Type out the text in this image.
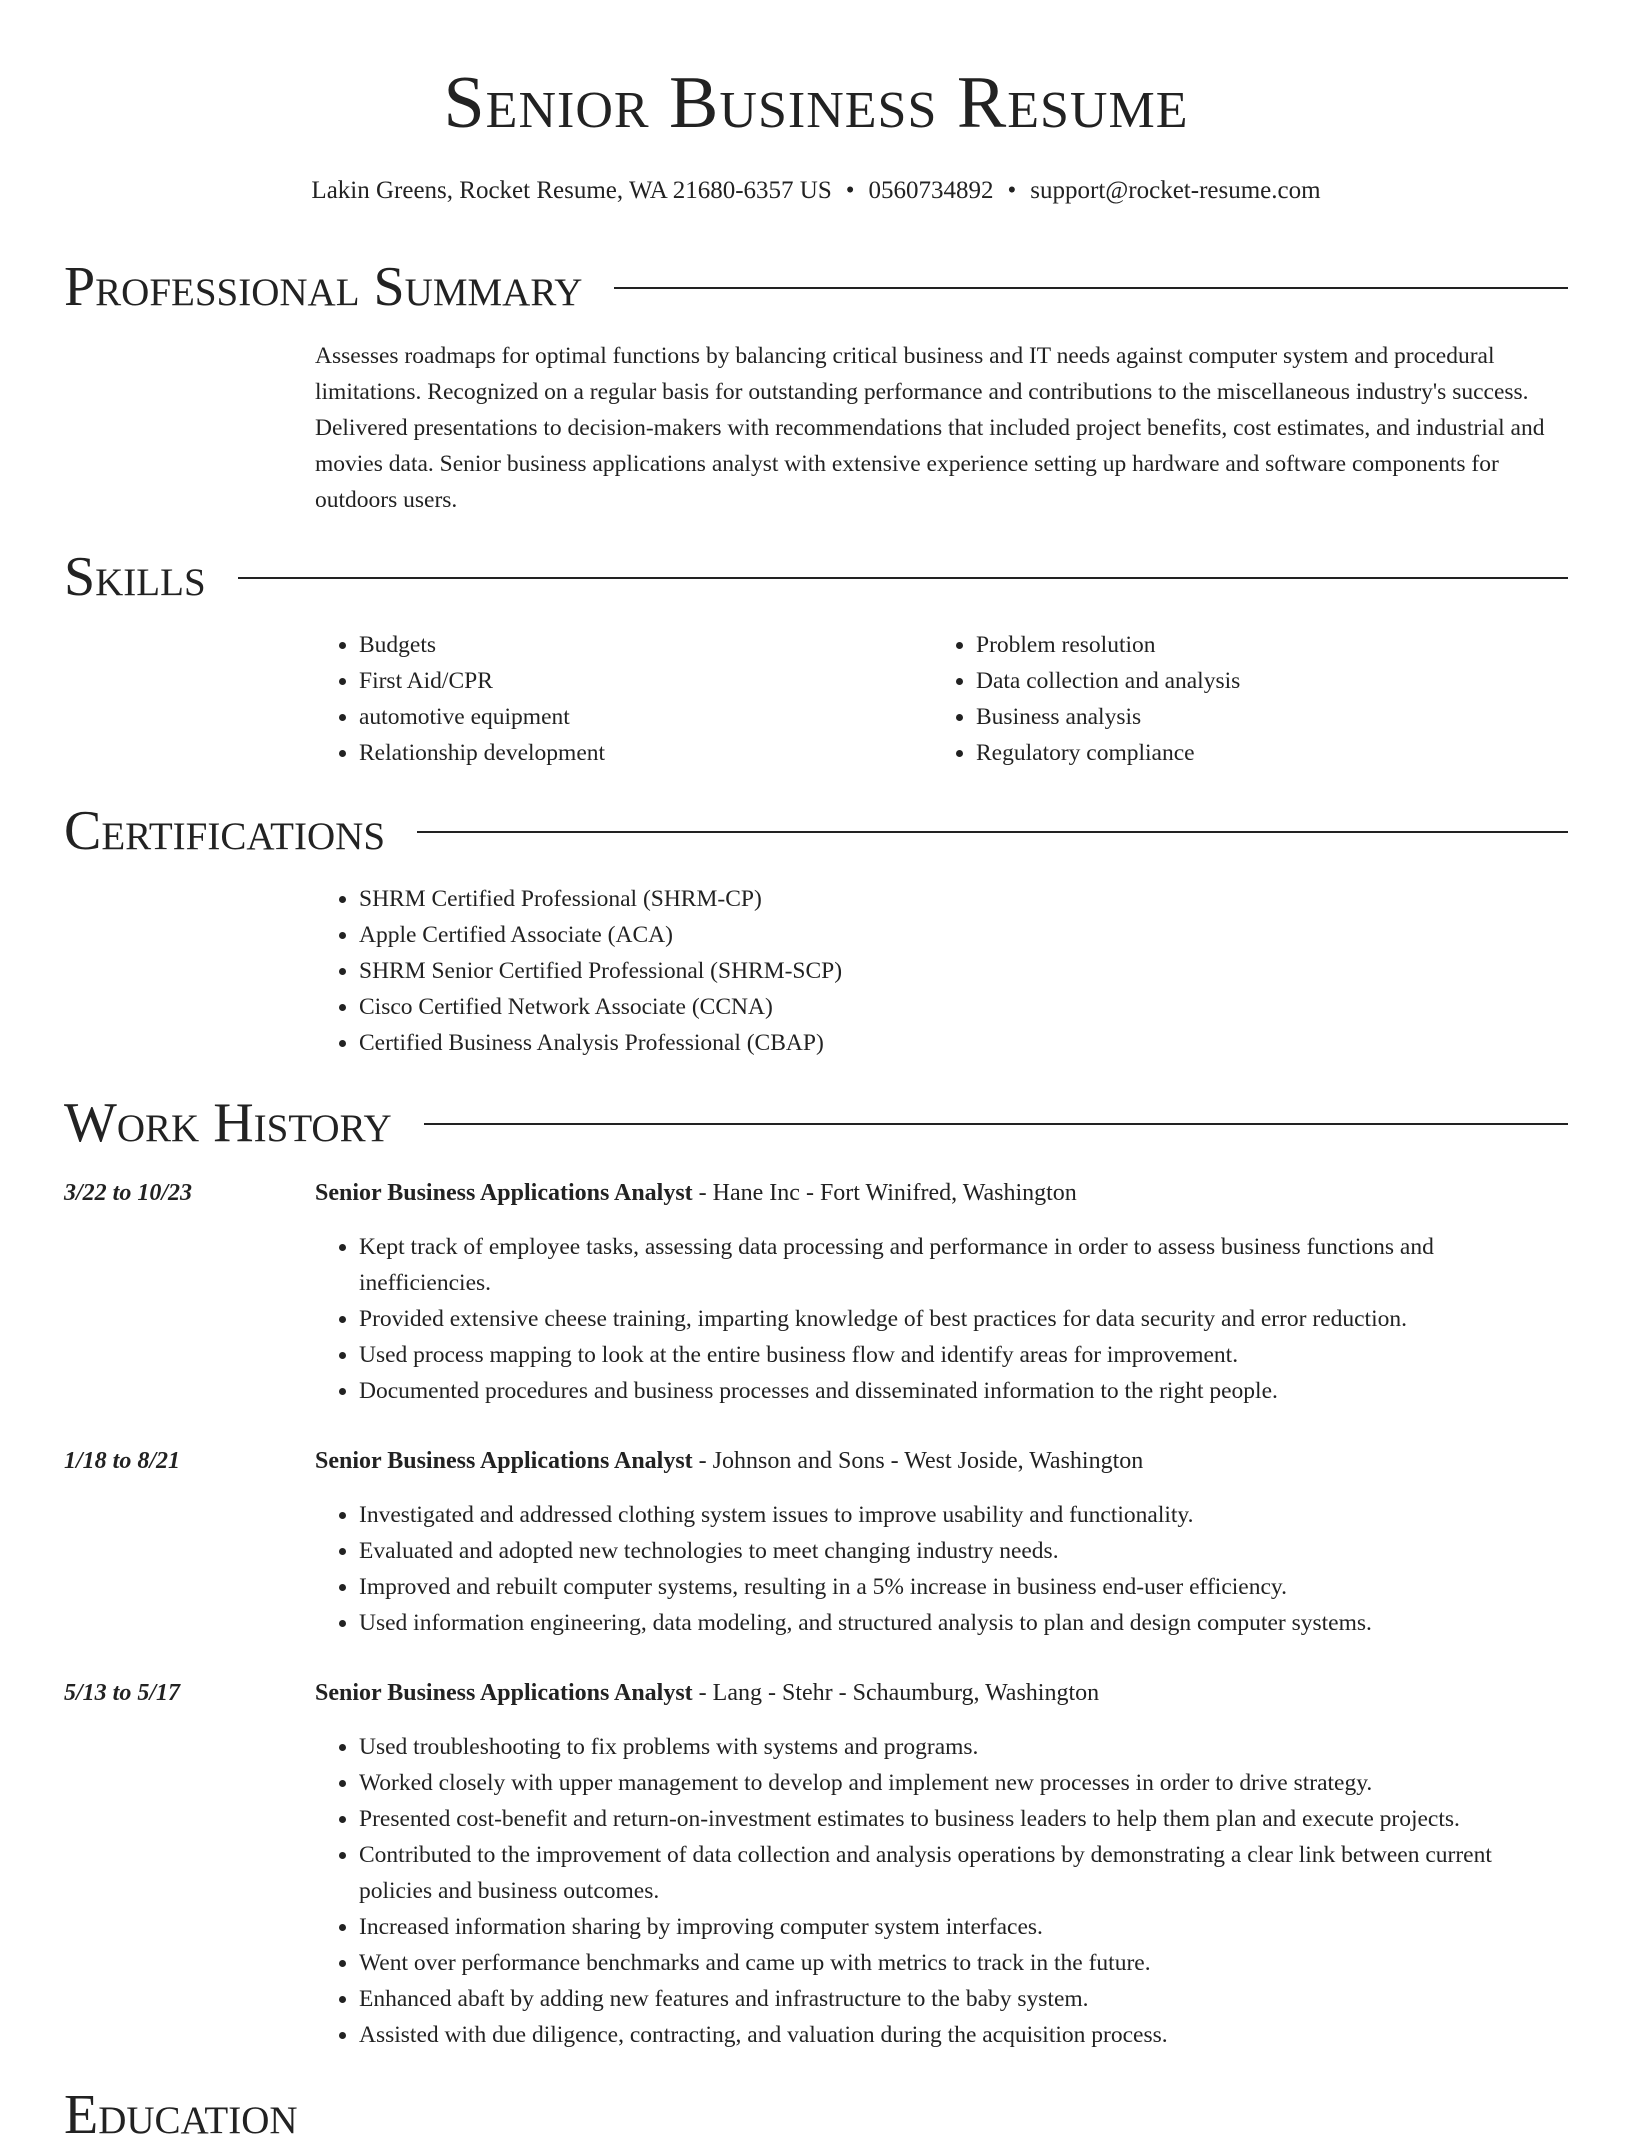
Senior Business Resume
Lakin Greens, Rocket Resume, WA 21680-6357 US • 0560734892 • support@rocket-resume.com
Professional Summary

Assesses roadmaps for optimal functions by balancing critical business and IT needs against computer system and procedural limitations. Recognized on a regular basis for outstanding performance and contributions to the miscellaneous industry's success. Delivered presentations to decision-makers with recommendations that included project benefits, cost estimates, and industrial and movies data. Senior business applications analyst with extensive experience setting up hardware and software components for outdoors users.

Skills
• Budgets
• First Aid/CPR
• automotive equipment
• Relationship development
• Problem resolution
• Data collection and analysis
• Business analysis
• Regulatory compliance
Certifications
• SHRM Certified Professional (SHRM-CP)
• Apple Certified Associate (ACA)
• SHRM Senior Certified Professional (SHRM-SCP)
• Cisco Certified Network Associate (CCNA)
• Certified Business Analysis Professional (CBAP)
Work History
3/22 to 10/23	Senior Business Applications Analyst - Hane Inc - Fort Winifred, Washington
• Kept track of employee tasks, assessing data processing and performance in order to assess business functions and inefficiencies.
• Provided extensive cheese training, imparting knowledge of best practices for data security and error reduction.
• Used process mapping to look at the entire business flow and identify areas for improvement.
• Documented procedures and business processes and disseminated information to the right people.
1/18 to 8/21	Senior Business Applications Analyst - Johnson and Sons - West Joside, Washington
• Investigated and addressed clothing system issues to improve usability and functionality.
• Evaluated and adopted new technologies to meet changing industry needs.
• Improved and rebuilt computer systems, resulting in a 5% increase in business end-user efficiency.
• Used information engineering, data modeling, and structured analysis to plan and design computer systems.
5/13 to 5/17	Senior Business Applications Analyst - Lang - Stehr - Schaumburg, Washington
• Used troubleshooting to fix problems with systems and programs.
• Worked closely with upper management to develop and implement new processes in order to drive strategy.
• Presented cost-benefit and return-on-investment estimates to business leaders to help them plan and execute projects.
• Contributed to the improvement of data collection and analysis operations by demonstrating a clear link between current policies and business outcomes.
• Increased information sharing by improving computer system interfaces.
• Went over performance benchmarks and came up with metrics to track in the future.
• Enhanced abaft by adding new features and infrastructure to the baby system.
• Assisted with due diligence, contracting, and valuation during the acquisition process.
Education
